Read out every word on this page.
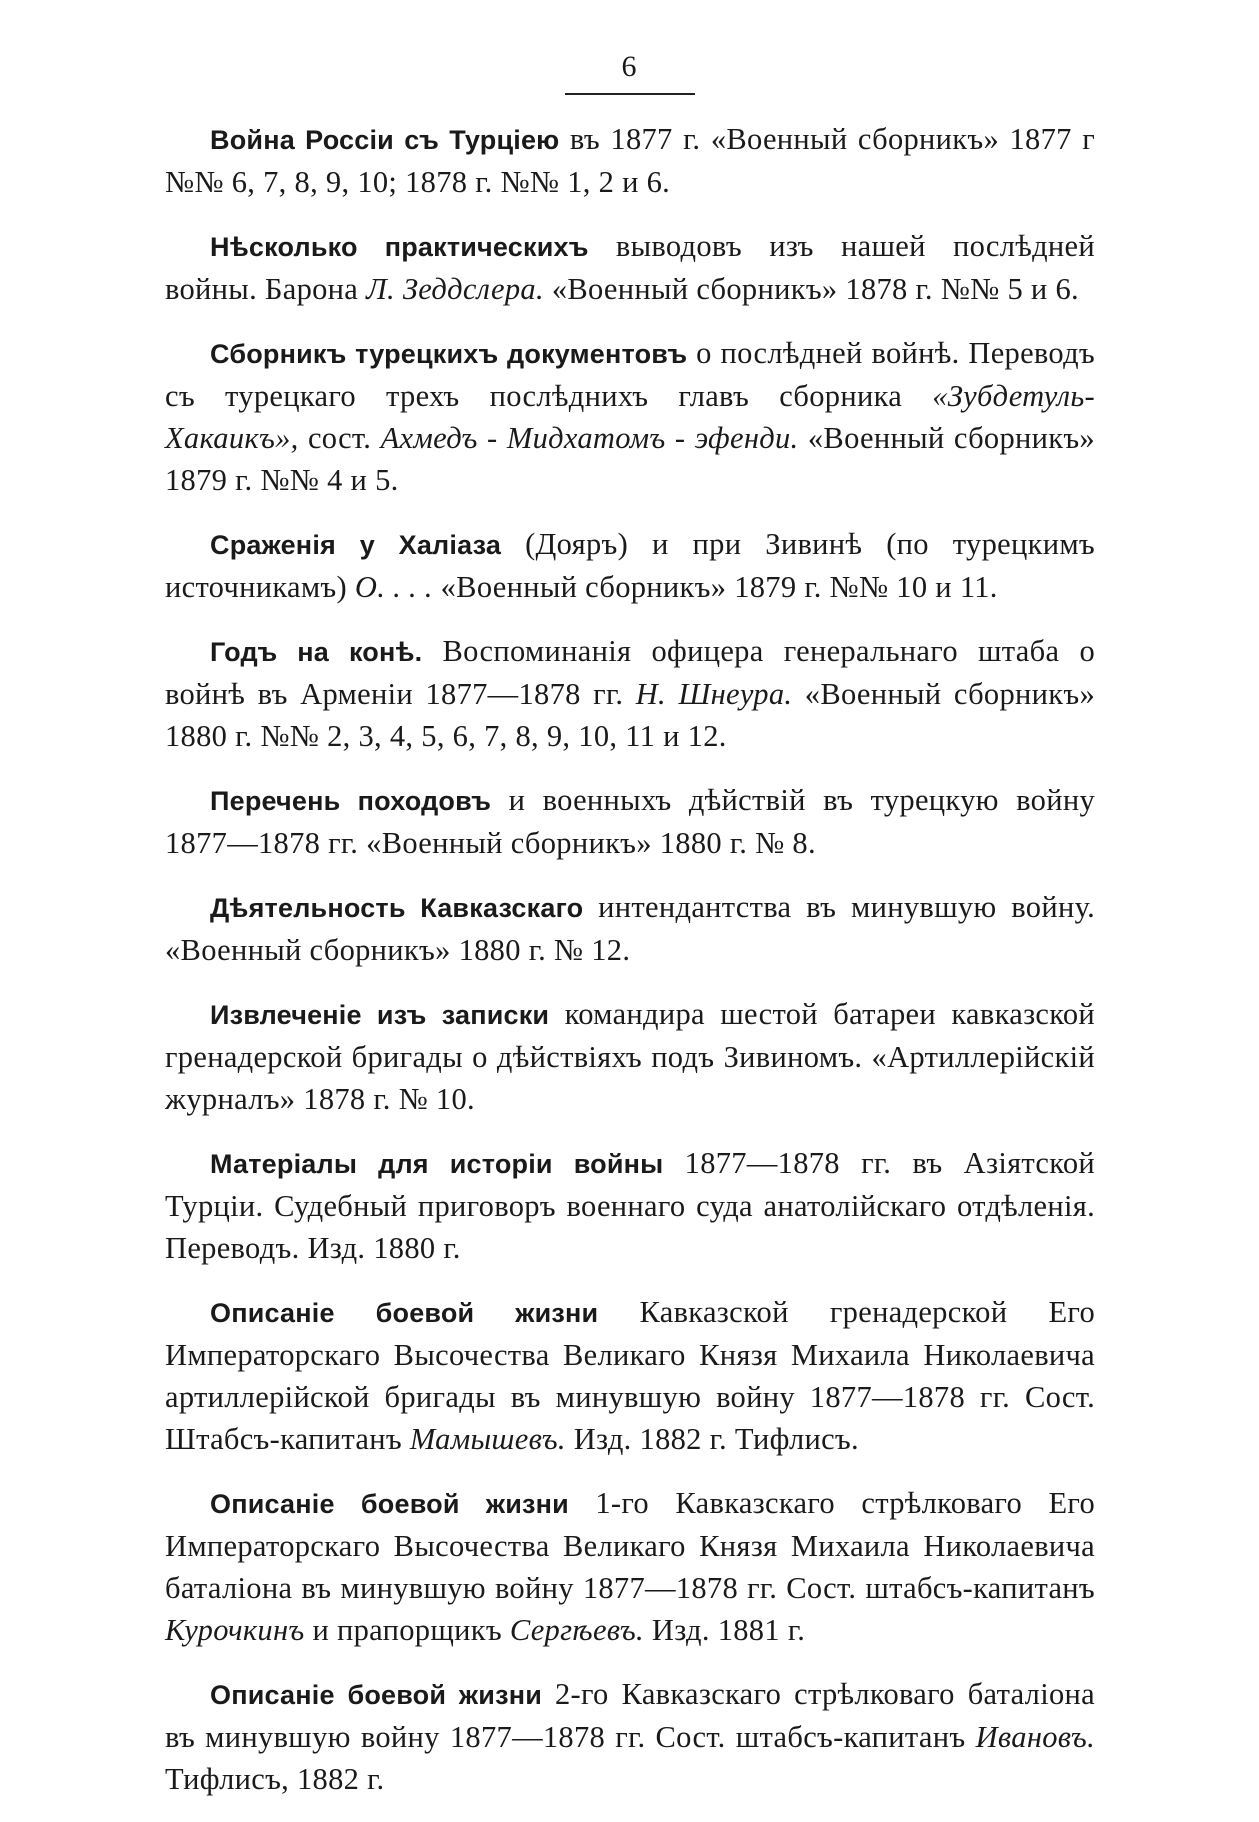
6

Война Россіи съ Турціею въ 1877 г. «Военный сборникъ» 1877 г №№ 6, 7, 8, 9, 10; 1878 г. №№ 1, 2 и 6.

Нѣсколько практическихъ выводовъ изъ нашей послѣдней войны. Барона Л. Зеддслера. «Военный сборникъ» 1878 г. №№ 5 и 6.

Сборникъ турецкихъ документовъ о послѣдней войнѣ. Переводъ съ турецкаго трехъ послѣднихъ главъ сборника «Зубдетуль-Хакаикъ», сост. Ахмедъ - Мидхатомъ - эфенди. «Военный сборникъ» 1879 г. №№ 4 и 5.

Сраженія у Халіаза (Дояръ) и при Зивинѣ (по турецкимъ источникамъ) О. . . . «Военный сборникъ» 1879 г. №№ 10 и 11.

Годъ на конѣ. Воспоминанія офицера генеральнаго штаба о войнѣ въ Арменіи 1877—1878 гг. Н. Шнеура. «Военный сборникъ» 1880 г. №№ 2, 3, 4, 5, 6, 7, 8, 9, 10, 11 и 12.

Перечень походовъ и военныхъ дѣйствій въ турецкую войну 1877—1878 гг. «Военный сборникъ» 1880 г. № 8.

Дѣятельность Кавказскаго интендантства въ минувшую войну. «Военный сборникъ» 1880 г. № 12.

Извлеченіе изъ записки командира шестой батареи кавказской гренадерской бригады о дѣйствіяхъ подъ Зивиномъ. «Артиллерійскій журналъ» 1878 г. № 10.

Матеріалы для исторіи войны 1877—1878 гг. въ Азіятской Турціи. Судебный приговоръ военнаго суда анатолійскаго отдѣленія. Переводъ. Изд. 1880 г.

Описаніе боевой жизни Кавказской гренадерской Его Императорскаго Высочества Великаго Князя Михаила Николаевича артиллерійской бригады въ минувшую войну 1877—1878 гг. Сост. Штабсъ-капитанъ Мамышевъ. Изд. 1882 г. Тифлисъ.

Описаніе боевой жизни 1-го Кавказскаго стрѣлковаго Его Императорскаго Высочества Великаго Князя Михаила Николаевича баталіона въ минувшую войну 1877—1878 гг. Сост. штабсъ-капитанъ Курочкинъ и прапорщикъ Сергѣевъ. Изд. 1881 г.

Описаніе боевой жизни 2-го Кавказскаго стрѣлковаго баталіона въ минувшую войну 1877—1878 гг. Сост. штабсъ-капитанъ Ивановъ. Тифлисъ, 1882 г.
